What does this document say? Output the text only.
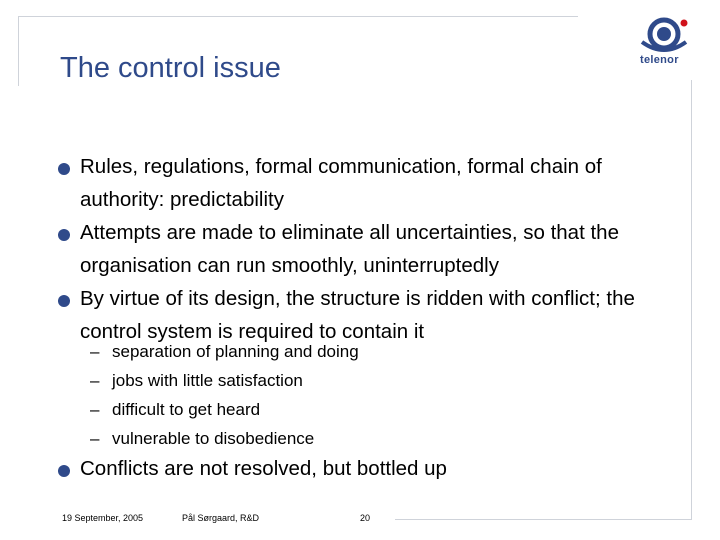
The control issue	telenor
Rules, regulations, formal communication, formal chain of authority: predictability
Attempts are made to eliminate all uncertainties, so that the organisation can run smoothly, uninterruptedly
By virtue of its design, the structure is ridden with conflict; the control system is required to contain it
– separation of planning and doing
– jobs with little satisfaction
– difficult to get heard
– vulnerable to disobedience
Conflicts are not resolved, but bottled up
19 September, 2005	Pål Sørgaard, R&D	20
